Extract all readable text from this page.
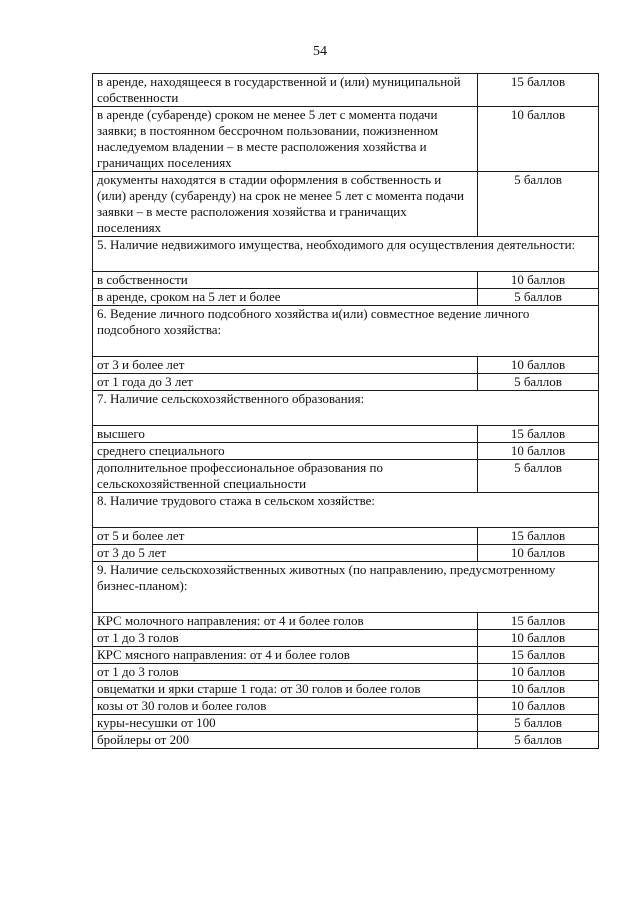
54
в аренде, находящееся в государственной и (или) муниципальной собственности	15 баллов
в аренде (субаренде) сроком не менее 5 лет с момента подачи заявки; в постоянном бессрочном пользовании, пожизненном наследуемом владении – в месте расположения хозяйства и граничащих поселениях	10 баллов
документы находятся в стадии оформления в собственность и (или) аренду (субаренду) на срок не менее 5 лет с момента подачи заявки – в месте расположения хозяйства и граничащих поселениях	5 баллов
5. Наличие недвижимого имущества, необходимого для осуществления деятельности:	
в собственности	10 баллов
в аренде, сроком на 5 лет и более	5 баллов
6. Ведение личного подсобного хозяйства и(или) совместное ведение личного подсобного хозяйства:	
от 3 и более лет	10 баллов
от 1 года до 3 лет	5 баллов
7. Наличие сельскохозяйственного образования:	
высшего	15 баллов
среднего специального	10 баллов
дополнительное профессиональное образования по сельскохозяйственной специальности	5 баллов
8. Наличие трудового стажа в сельском хозяйстве:	
от 5 и более лет	15 баллов
от 3 до 5 лет	10 баллов
9. Наличие сельскохозяйственных животных (по направлению, предусмотренному бизнес-планом):	
КРС молочного направления: от 4 и более голов	15 баллов
от 1 до 3 голов	10 баллов
КРС мясного направления: от 4 и более голов	15 баллов
от 1 до 3 голов	10 баллов
овцематки и ярки старше 1 года: от 30 голов и более голов	10 баллов
козы от 30 голов и более голов	10 баллов
куры-несушки от 100	5 баллов
бройлеры от 200	5 баллов
